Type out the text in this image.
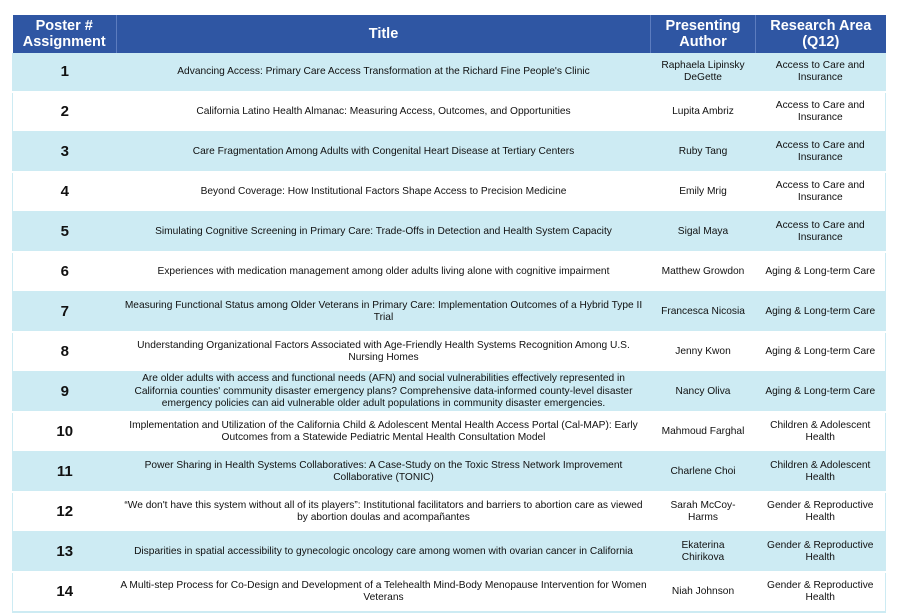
Poster # Assignment	Title	Presenting Author	Research Area (Q12)

1	Advancing Access: Primary Care Access Transformation at the Richard Fine People's Clinic	Raphaela Lipinsky DeGette	Access to Care and Insurance

2	California Latino Health Almanac: Measuring Access, Outcomes, and Opportunities	Lupita Ambriz	Access to Care and Insurance

3	Care Fragmentation Among Adults with Congenital Heart Disease at Tertiary Centers	Ruby Tang	Access to Care and Insurance

4	Beyond Coverage: How Institutional Factors Shape Access to Precision Medicine	Emily Mrig	Access to Care and Insurance

5	Simulating Cognitive Screening in Primary Care: Trade-Offs in Detection and Health System Capacity	Sigal Maya	Access to Care and Insurance

6	Experiences with medication management among older adults living alone with cognitive impairment	Matthew Growdon	Aging & Long-term Care
7	Measuring Functional Status among Older Veterans in Primary Care: Implementation Outcomes of a Hybrid Type II Trial	Francesca Nicosia	Aging & Long-term Care
8	Understanding Organizational Factors Associated with Age-Friendly Health Systems Recognition Among U.S. Nursing Homes	Jenny Kwon	Aging & Long-term Care
9	Are older adults with access and functional needs (AFN) and social vulnerabilities effectively represented in California counties' community disaster emergency plans? Comprehensive data-informed county-level disaster emergency policies can aid vulnerable older adult populations in community disaster emergencies.	Nancy Oliva	Aging & Long-term Care
10	Implementation and Utilization of the California Child & Adolescent Mental Health Access Portal (Cal-MAP): Early Outcomes from a Statewide Pediatric Mental Health Consultation Model	Mahmoud Farghal	Children & Adolescent Health
11	Power Sharing in Health Systems Collaboratives: A Case-Study on the Toxic Stress Network Improvement Collaborative (TONIC)	Charlene Choi	Children & Adolescent Health
12	“We don't have this system without all of its players”: Institutional facilitators and barriers to abortion care as viewed by abortion doulas and acompañantes	Sarah McCoy-Harms	Gender & Reproductive Health

13	Disparities in spatial accessibility to gynecologic oncology care among women with ovarian cancer in California	Ekaterina Chirikova	Gender & Reproductive Health

14	A Multi-step Process for Co-Design and Development of a Telehealth Mind-Body Menopause Intervention for Women Veterans	Niah Johnson	Gender & Reproductive Health
